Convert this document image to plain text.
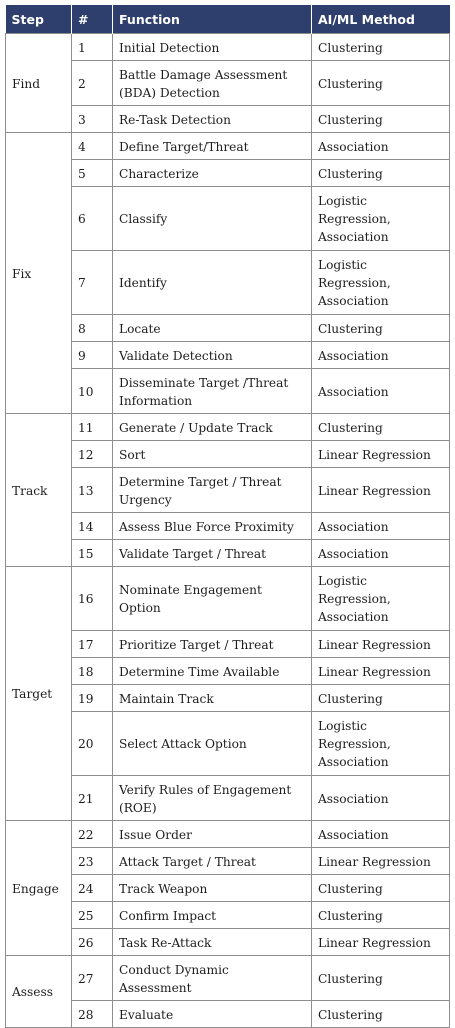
Step	#	Function	AI/ML Method
Find	1	Initial Detection	Clustering
	2	Battle Damage Assessment (BDA) Detection	Clustering
	3	Re-Task Detection	Clustering
Fix	4	Define Target/Threat	Association
	5	Characterize	Clustering
	6	Classify	Logistic Regression, Association
	7	Identify	Logistic Regression, Association
	8	Locate	Clustering
	9	Validate Detection	Association
	10	Disseminate Target /Threat Information	Association
Track	11	Generate / Update Track	Clustering
	12	Sort	Linear Regression
	13	Determine Target / Threat Urgency	Linear Regression
	14	Assess Blue Force Proximity	Association
	15	Validate Target / Threat	Association
Target	16	Nominate Engagement Option	Logistic Regression, Association
	17	Prioritize Target / Threat	Linear Regression
	18	Determine Time Available	Linear Regression
	19	Maintain Track	Clustering
	20	Select Attack Option	Logistic Regression, Association
	21	Verify Rules of Engagement (ROE)	Association
Engage	22	Issue Order	Association
	23	Attack Target / Threat	Linear Regression
	24	Track Weapon	Clustering
	25	Confirm Impact	Clustering
	26	Task Re-Attack	Linear Regression
Assess	27	Conduct Dynamic Assessment	Clustering
	28	Evaluate	Clustering
